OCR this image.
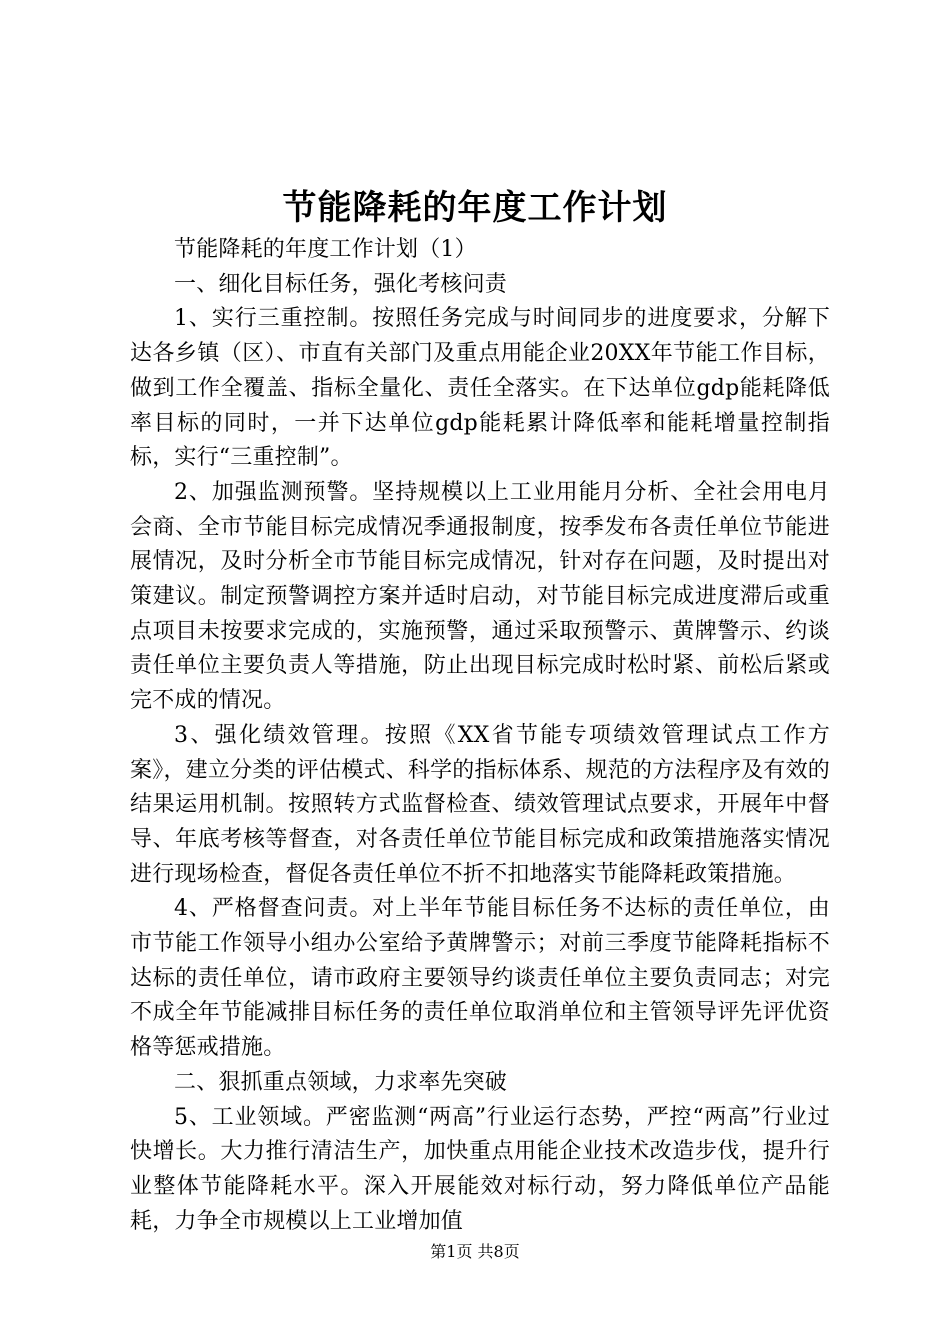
节能降耗的年度工作计划

节能降耗的年度工作计划（1）

一、细化目标任务，强化考核问责

1、实行三重控制。按照任务完成与时间同步的进度要求，分解下达各乡镇（区）、市直有关部门及重点用能企业20XX年节能工作目标，做到工作全覆盖、指标全量化、责任全落实。在下达单位gdp能耗降低率目标的同时，一并下达单位gdp能耗累计降低率和能耗增量控制指标，实行“三重控制”。

2、加强监测预警。坚持规模以上工业用能月分析、全社会用电月会商、全市节能目标完成情况季通报制度，按季发布各责任单位节能进展情况，及时分析全市节能目标完成情况，针对存在问题，及时提出对策建议。制定预警调控方案并适时启动，对节能目标完成进度滞后或重点项目未按要求完成的，实施预警，通过采取预警示、黄牌警示、约谈责任单位主要负责人等措施，防止出现目标完成时松时紧、前松后紧或完不成的情况。

3、强化绩效管理。按照《XX省节能专项绩效管理试点工作方案》，建立分类的评估模式、科学的指标体系、规范的方法程序及有效的结果运用机制。按照转方式监督检查、绩效管理试点要求，开展年中督导、年底考核等督查，对各责任单位节能目标完成和政策措施落实情况进行现场检查，督促各责任单位不折不扣地落实节能降耗政策措施。

4、严格督查问责。对上半年节能目标任务不达标的责任单位，由市节能工作领导小组办公室给予黄牌警示；对前三季度节能降耗指标不达标的责任单位，请市政府主要领导约谈责任单位主要负责同志；对完不成全年节能减排目标任务的责任单位取消单位和主管领导评先评优资格等惩戒措施。

二、狠抓重点领域，力求率先突破

5、工业领域。严密监测“两高”行业运行态势，严控“两高”行业过快增长。大力推行清洁生产，加快重点用能企业技术改造步伐，提升行业整体节能降耗水平。深入开展能效对标行动，努力降低单位产品能耗，力争全市规模以上工业增加值

第1页 共8页
